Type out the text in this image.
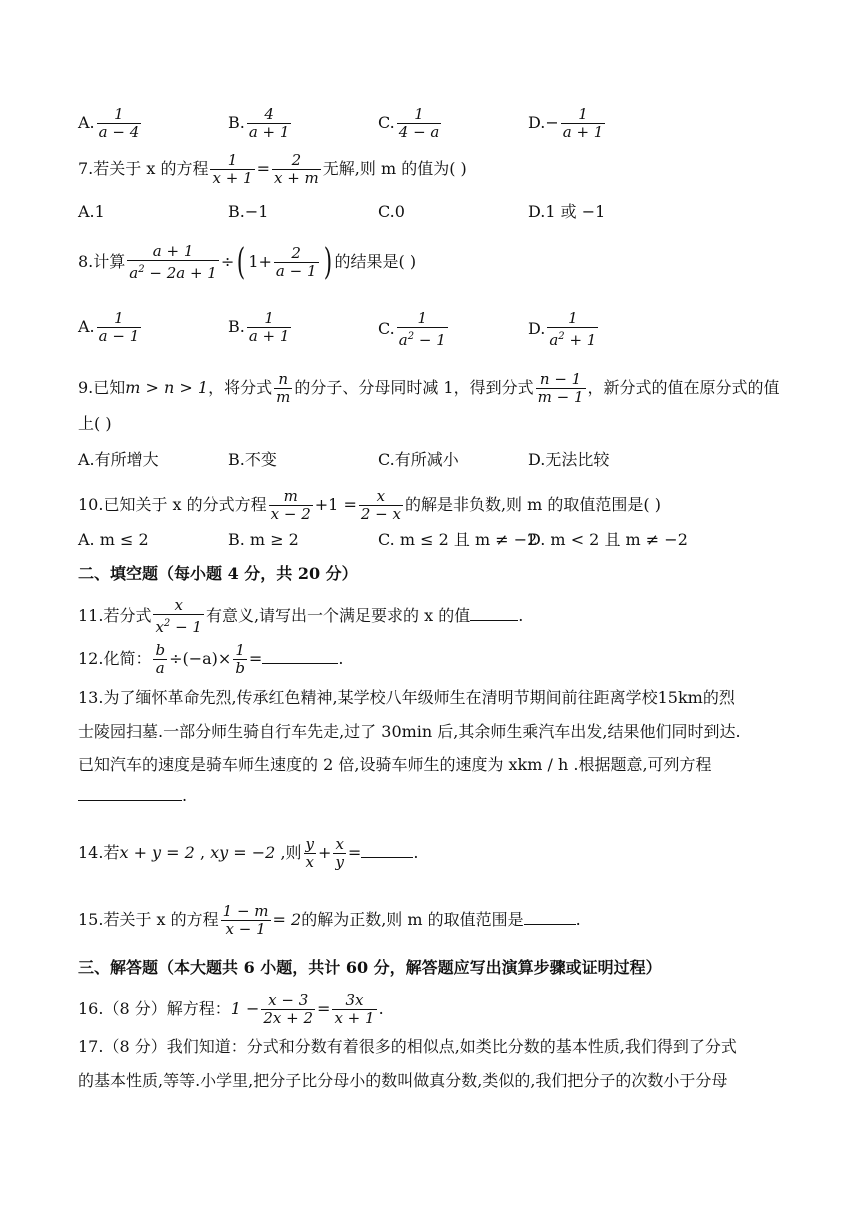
A. $\frac{1}{a - 4}$	B. $\frac{4}{a + 1}$	C. $\frac{1}{4 - a}$	$D.- \frac{1}{a + 1}$
7.若关于 x 的方程 $\frac{1}{x + 1} = \frac{2}{x + m}$ 无解,则 m 的值为( )
A.1	B.−1	C.0	D.1 或 −1
8.计算 $\frac{a + 1}{a^2 - 2a + 1}$ ÷( $1+ \frac{2}{a - 1}$ ) 的结果是( )
A. $\frac{1}{a - 1}$	B. $\frac{1}{a + 1}$	C. $\frac{1}{a^2 - 1}$	D. $\frac{1}{a^2 + 1}$
9.已知m > n > 1，将分式 $\frac{n}{m}$ 的分子、分母同时减 1，得到分式 $\frac{n - 1}{m - 1}$ ，新分式的值在原分式的值
上( )
A.有所增大	B.不变	C.有所减小	D.无法比较
10.已知关于 x 的分式方程 $\frac{m}{x - 2} +1 = \frac{x}{2 - x}$ 的解是非负数,则 m 的取值范围是( )
A. m ≤ 2	B. m ≥ 2	C. m ≤ 2 且 m ≠ −2
D. m < 2 且 m ≠ −2
二、填空题（每小题 4 分，共 20 分）
11.若分式 $\frac{x}{x^2 - 1}$ 有意义,请写出一个满足要求的 x 的值	.
12.化简： $\frac{b}{a} \div(-a)\times \frac{1}{b}$ =	.
13.为了缅怀革命先烈,传承红色精神,某学校八年级师生在清明节期间前往距离学校15km的烈
士陵园扫墓.一部分师生骑自行车先走,过了 30min 后,其余师生乘汽车出发,结果他们同时到达.
已知汽车的速度是骑车师生速度的 2 倍,设骑车师生的速度为 xkm / h .根据题意,可列方程
.
14.若x + y = 2 , xy = −2 ,则 $\frac{y}{x} + \frac{x}{y}$ =	.
15.若关于 x 的方程 $\frac{1 - m}{x - 1} = 2$的解为正数,则 m 的取值范围是	.
三、解答题（本大题共 6 小题，共计 60 分，解答题应写出演算步骤或证明过程）
16.（8 分）解方程：$1 - \frac{x - 3}{2x + 2} = \frac{3x}{x + 1}$ .
17.（8 分）我们知道：分式和分数有着很多的相似点,如类比分数的基本性质,我们得到了分式
的基本性质,等等.小学里,把分子比分母小的数叫做真分数,类似的,我们把分子的次数小于分母
